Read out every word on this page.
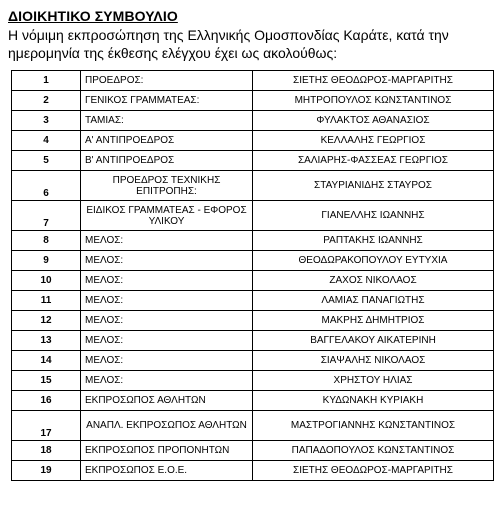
ΔΙΟΙΚΗΤΙΚΟ ΣΥΜΒΟΥΛΙΟ
Η νόμιμη εκπροσώπηση της Ελληνικής Ομοσπονδίας Καράτε, κατά την ημερομηνία της έκθεσης ελέγχου έχει ως ακολούθως:
1	ΠΡΟΕΔΡΟΣ:	ΣΙΕΤΗΣ ΘΕΟΔΩΡΟΣ-ΜΑΡΓΑΡΙΤΗΣ
2	ΓΕΝΙΚΟΣ ΓΡΑΜΜΑΤΕΑΣ:	ΜΗΤΡΟΠΟΥΛΟΣ ΚΩΝΣΤΑΝΤΙΝΟΣ
3	ΤΑΜΙΑΣ:	ΦΥΛΑΚΤΟΣ ΑΘΑΝΑΣΙΟΣ
4	Α' ΑΝΤΙΠΡΟΕΔΡΟΣ	ΚΕΛΛΑΛΗΣ ΓΕΩΡΓΙΟΣ
5	Β' ΑΝΤΙΠΡΟΕΔΡΟΣ	ΣΑΛΙΑΡΗΣ-ΦΑΣΣΕΑΣ ΓΕΩΡΓΙΟΣ
6	ΠΡΟΕΔΡΟΣ ΤΕΧΝΙΚΗΣ ΕΠΙΤΡΟΠΗΣ:	ΣΤΑΥΡΙΑΝΙΔΗΣ ΣΤΑΥΡΟΣ
7	ΕΙΔΙΚΟΣ ΓΡΑΜΜΑΤΕΑΣ - ΕΦΟΡΟΣ ΥΛΙΚΟΥ	ΓΙΑΝΕΛΛΗΣ ΙΩΑΝΝΗΣ
8	ΜΕΛΟΣ:	ΡΑΠΤΑΚΗΣ ΙΩΑΝΝΗΣ
9	ΜΕΛΟΣ:	ΘΕΟΔΩΡΑΚΟΠΟΥΛΟΥ ΕΥΤΥΧΙΑ
10	ΜΕΛΟΣ:	ΖΑΧΟΣ ΝΙΚΟΛΑΟΣ
11	ΜΕΛΟΣ:	ΛΑΜΙΑΣ ΠΑΝΑΓΙΩΤΗΣ
12	ΜΕΛΟΣ:	ΜΑΚΡΗΣ ΔΗΜΗΤΡΙΟΣ
13	ΜΕΛΟΣ:	ΒΑΓΓΕΛΑΚΟΥ ΑΙΚΑΤΕΡΙΝΗ
14	ΜΕΛΟΣ:	ΣΙΑΨΑΛΗΣ ΝΙΚΟΛΑΟΣ
15	ΜΕΛΟΣ:	ΧΡΗΣΤΟΥ ΗΛΙΑΣ
16	ΕΚΠΡΟΣΩΠΟΣ ΑΘΛΗΤΩΝ	ΚΥΔΩΝΑΚΗ ΚΥΡΙΑΚΗ
17	ΑΝΑΠΛ. ΕΚΠΡΟΣΩΠΟΣ ΑΘΛΗΤΩΝ	ΜΑΣΤΡΟΓΙΑΝΝΗΣ ΚΩΝΣΤΑΝΤΙΝΟΣ
18	ΕΚΠΡΟΣΩΠΟΣ ΠΡΟΠΟΝΗΤΩΝ	ΠΑΠΑΔΟΠΟΥΛΟΣ ΚΩΝΣΤΑΝΤΙΝΟΣ
19	ΕΚΠΡΟΣΩΠΟΣ Ε.Ο.Ε.	ΣΙΕΤΗΣ ΘΕΟΔΩΡΟΣ-ΜΑΡΓΑΡΙΤΗΣ
